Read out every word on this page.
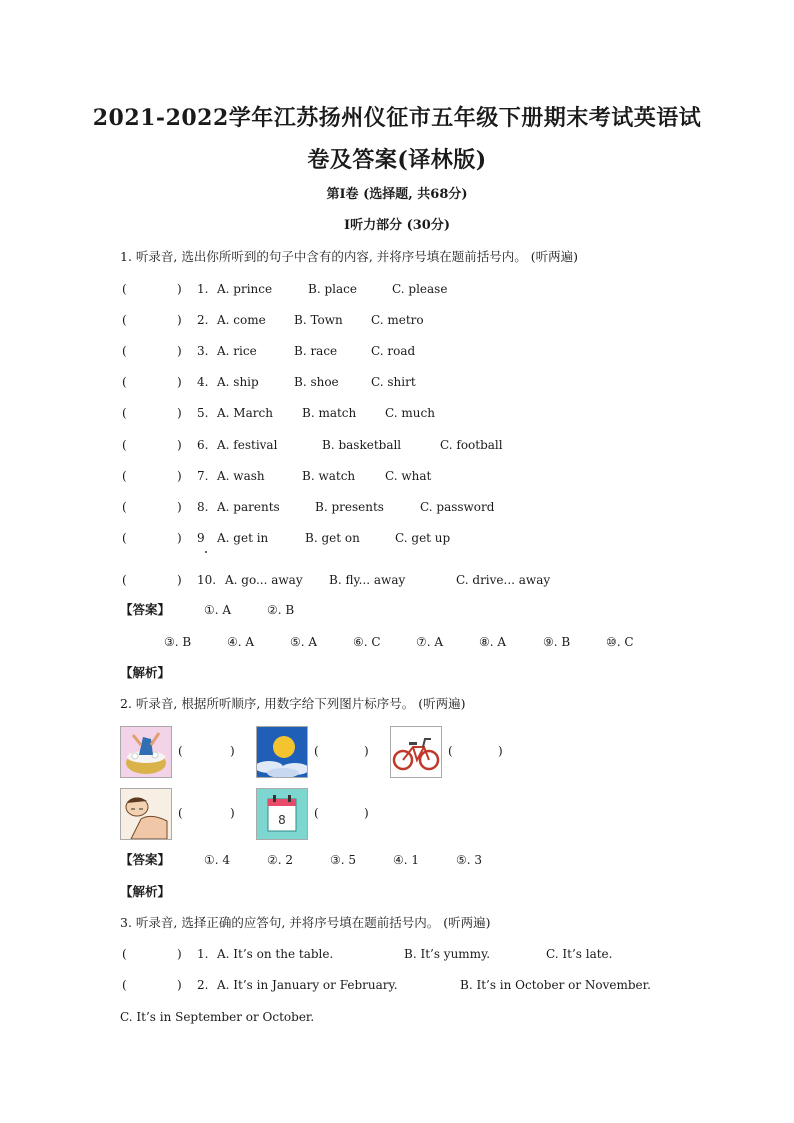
2021-2022学年江苏扬州仪征市五年级下册期末考试英语试
卷及答案(译林版)
第I卷 (选择题, 共68分)
I听力部分 (30分)
1. 听录音, 选出你所听到的句子中含有的内容, 并将序号填在题前括号内。 (听两遍)
(	) 1. A. prince	B. place	C. please
(	) 2. A. come B. Town C. metro
(	) 3. A. rice	B. race	C. road
(	) 4. A. ship	B. shoe	C. shirt
(	) 5. A. March B. match C. much
(	) 6. A. festival	B. basketball	C. football
(	) 7. A. wash	B. watch C. what
(	) 8. A. parents	B. presents	C. password
(	) 9 A. get in	B. get on	C. get up
(	) 10. A. go... away B. fly... away	C. drive... away
【答案】	①. A	②. B
③. B	④. A	⑤. A	⑥. C	⑦. A	⑧. A	⑨. B	⑩. C
【解析】
2. 听录音, 根据所听顺序, 用数字给下列图片标序号。 (听两遍)
(	)	(	)	(	)
(	)	8 (	)
【答案】	①. 4	②. 2	③. 5	④. 1	⑤. 3
【解析】
3. 听录音, 选择正确的应答句, 并将序号填在题前括号内。 (听两遍)
(	) 1. A. It’s on the table.	B. It’s yummy.	C. It’s late.
(	) 2. A. It’s in January or February.	B. It’s in October or November.
C. It’s in September or October.
